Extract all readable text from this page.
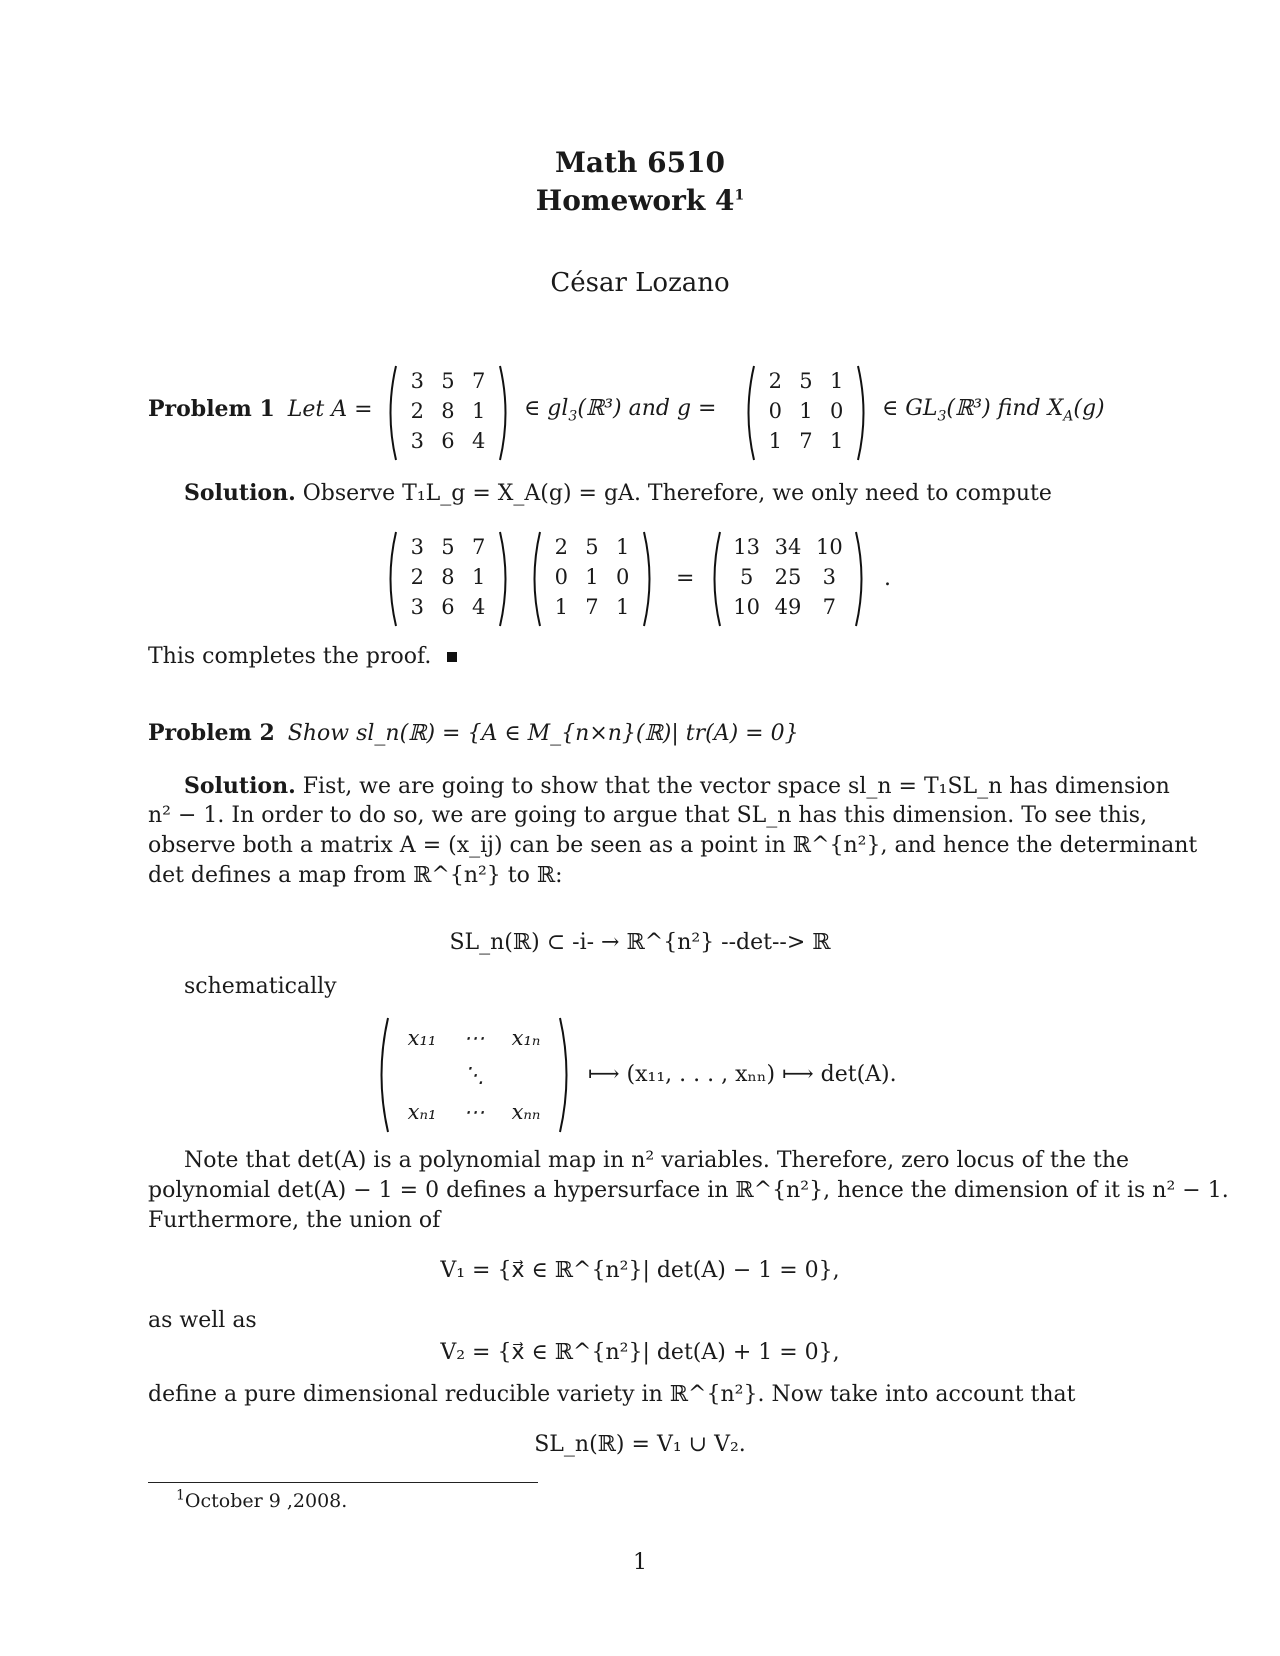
Math 6510
Homework $4^1$
César Lozano
Problem 1 Let A =
3 5 7
2 8 1
3 6 4
∈ $gl_3(ℝ^3)$ and g =
2 5 1
0 1 0
1 7 1
∈ $GL_3(ℝ^3)$ find $X_A(g)$
Solution. Observe T₁L_g = X_A(g) = gA. Therefore, we only need to compute
3 5 7
2 8 1
3 6 4
2 5 1
0 1 0
1 7 1
=
13 34 10
5	25	3
10 49	7
.
This completes the proof.
Problem 2 Show sl_n(ℝ) = {A ∈ M_{n×n}(ℝ)| tr(A) = 0}
Solution. Fist, we are going to show that the vector space sl_n = T₁SL_n has dimension
n² − 1. In order to do so, we are going to argue that SL_n has this dimension. To see this,
observe both a matrix A = (x_ij) can be seen as a point in ℝ^{n²}, and hence the determinant
det defines a map from ℝ^{n²} to ℝ:
SL_n(ℝ) ⊂ -i- → ℝ^{n²} --det--> ℝ
schematically
x₁₁	⋯	x₁ₙ
⋱
xₙ₁	⋯	xₙₙ
⟼ (x₁₁, . . . , xₙₙ) ⟼ det(A).
Note that det(A) is a polynomial map in n² variables. Therefore, zero locus of the the
polynomial det(A) − 1 = 0 defines a hypersurface in ℝ^{n²}, hence the dimension of it is n² − 1.
Furthermore, the union of
V₁ = {x⃗ ∈ ℝ^{n²}| det(A) − 1 = 0},
as well as
V₂ = {x⃗ ∈ ℝ^{n²}| det(A) + 1 = 0},
define a pure dimensional reducible variety in ℝ^{n²}. Now take into account that
SL_n(ℝ) = V₁ ∪ V₂.
$^1$October 9 ,2008.
1
